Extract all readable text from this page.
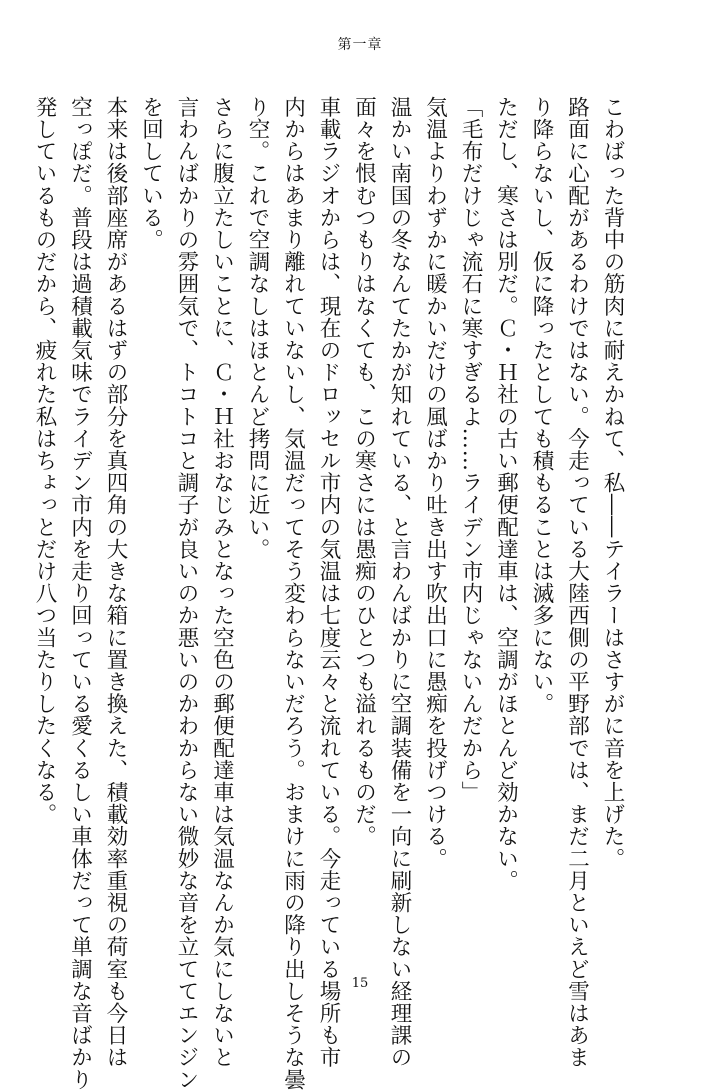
第一章
こわばった背中の筋肉に耐えかねて、私――テイラーはさすがに音を上げた。
路面に心配があるわけではない。今走っている大陸西側の平野部では、まだ二月といえど雪はあま
り降らないし、仮に降ったとしても積もることは滅多にない。
ただし、寒さは別だ。Ｃ・Ｈ社の古い郵便配達車は、空調がほとんど効かない。
「毛布だけじゃ流石に寒すぎるよ……ライデン市内じゃないんだから」
気温よりわずかに暖かいだけの風ばかり吐き出す吹出口に愚痴を投げつける。
温かい南国の冬なんてたかが知れている、と言わんばかりに空調装備を一向に刷新しない経理課の
面々を恨むつもりはなくても、この寒さには愚痴のひとつも溢れるものだ。
車載ラジオからは、現在のドロッセル市内の気温は七度云々と流れている。今走っている場所も市
内からはあまり離れていないし、気温だってそう変わらないだろう。おまけに雨の降り出しそうな曇
り空。これで空調なしはほとんど拷問に近い。
さらに腹立たしいことに、Ｃ・Ｈ社おなじみとなった空色の郵便配達車は気温なんか気にしないと
言わんばかりの雰囲気で、トコトコと調子が良いのか悪いのかわからない微妙な音を立ててエンジン
を回している。
本来は後部座席があるはずの部分を真四角の大きな箱に置き換えた、積載効率重視の荷室も今日は
空っぽだ。普段は過積載気味でライデン市内を走り回っている愛くるしい車体だって単調な音ばかり
発しているものだから、疲れた私はちょっとだけ八つ当たりしたくなる。
15
